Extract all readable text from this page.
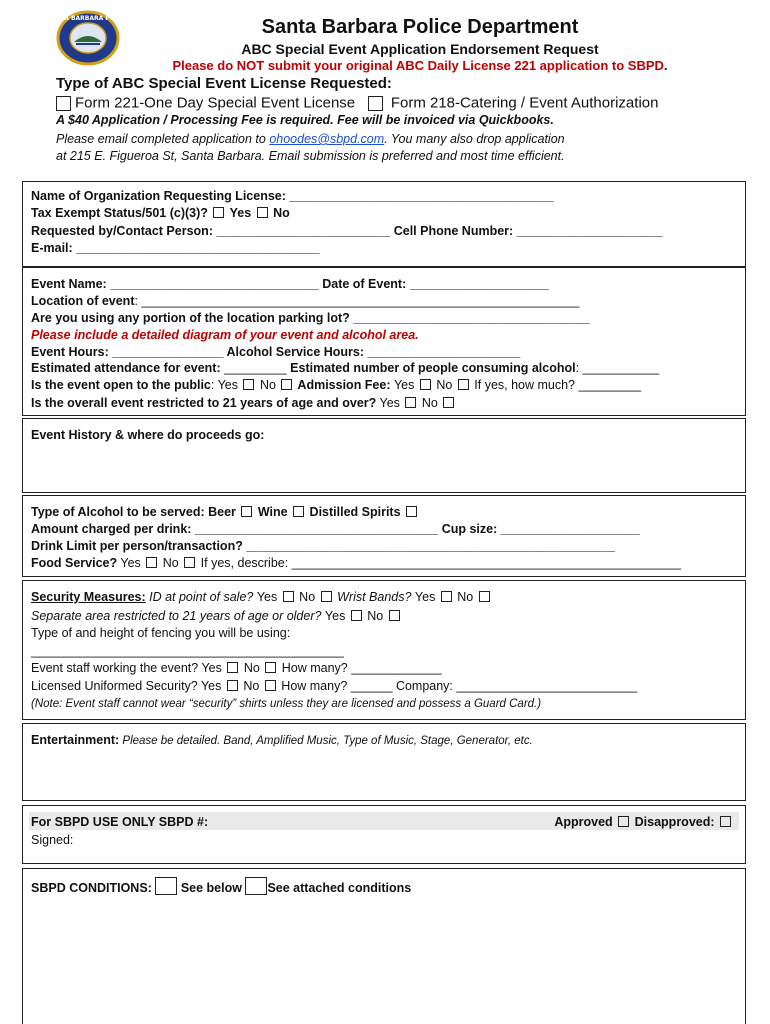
SANTA BARBARA POLICE	Santa Barbara Police Department
ABC Special Event Application Endorsement Request
Please do NOT submit your original ABC Daily License 221 application to SBPD.
Type of ABC Special Event License Requested:
Form 221-One Day Special Event License Form 218-Catering / Event Authorization
A $40 Application / Processing Fee is required. Fee will be invoiced via Quickbooks.
Please email completed application to ohoodes@sbpd.com. You many also drop application
at 215 E. Figueroa St, Santa Barbara. Email submission is preferred and most time efficient.
Name of Organization Requesting License: ______________________________________
Tax Exempt Status/501 (c)(3)?  Yes  No
Requested by/Contact Person: _________________________ Cell Phone Number: _____________________
E-mail: ___________________________________
Event Name: ______________________________ Date of Event: ____________________
Location of event: _______________________________________________________________
Are you using any portion of the location parking lot? __________________________________
Please include a detailed diagram of your event and alcohol area.
Event Hours: ________________ Alcohol Service Hours: ______________________
Estimated attendance for event: _________ Estimated number of people consuming alcohol: ___________
Is the event open to the public: Yes  No  Admission Fee: Yes  No  If yes, how much? _________
Is the overall event restricted to 21 years of age and over? Yes  No
Event History & where do proceeds go:
Type of Alcohol to be served: Beer  Wine  Distilled Spirits
Amount charged per drink: ___________________________________ Cup size: ____________________
Drink Limit per person/transaction? _____________________________________________________
Food Service? Yes  No  If yes, describe: ________________________________________________________
Security Measures: ID at point of sale? Yes  No  Wrist Bands? Yes  No
Separate area restricted to 21 years of age or older? Yes  No
Type of and height of fencing you will be using:
_____________________________________________
Event staff working the event? Yes  No  How many? _____________
Licensed Uniformed Security? Yes  No  How many? ______ Company: __________________________
(Note: Event staff cannot wear “security” shirts unless they are licensed and possess a Guard Card.)
Entertainment: Please be detailed. Band, Amplified Music, Type of Music, Stage, Generator, etc.
For SBPD USE ONLY SBPD #:	Approved  Disapproved:
Signed:
SBPD CONDITIONS: See below See attached conditions
